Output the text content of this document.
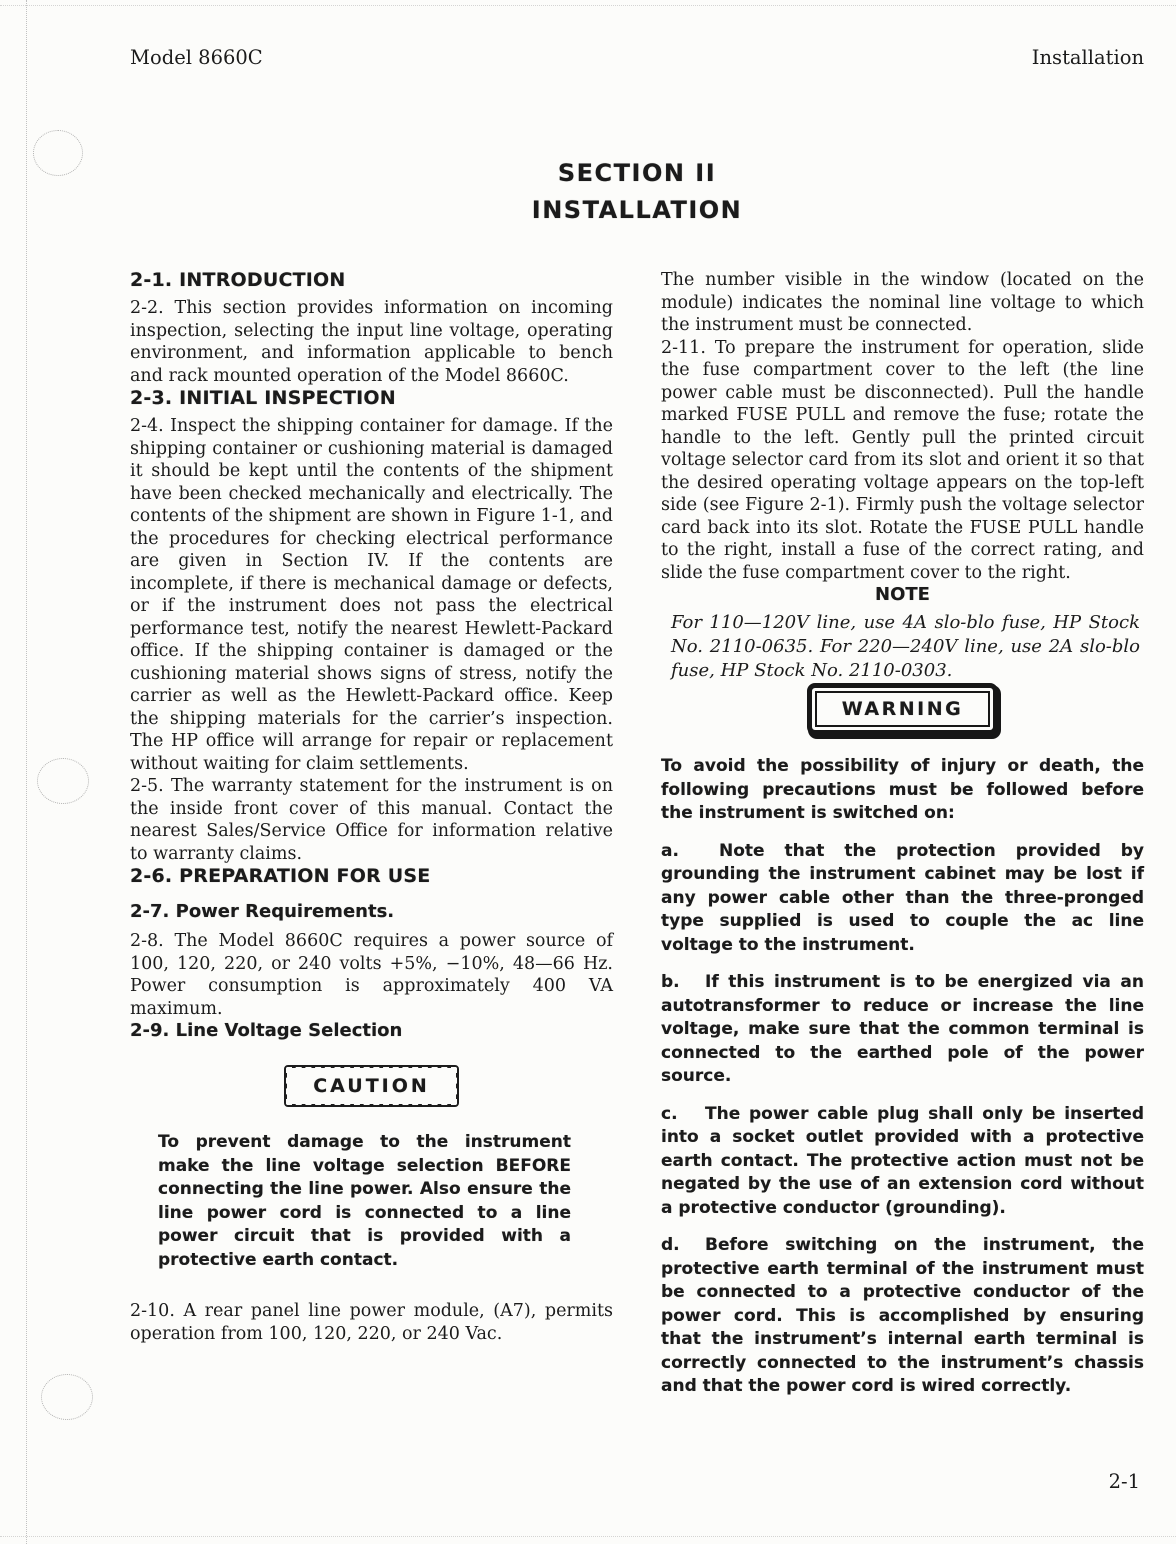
Model 8660C	Installation
SECTION II
INSTALLATION
2-1. INTRODUCTION

2-2. This section provides information on incoming inspection, selecting the input line voltage, operating environment, and information applicable to bench and rack mounted operation of the Model 8660C.

2-3. INITIAL INSPECTION

2-4. Inspect the shipping container for damage. If the shipping container or cushioning material is damaged it should be kept until the contents of the shipment have been checked mechanically and electrically. The contents of the shipment are shown in Figure 1-1, and the procedures for checking electrical performance are given in Section IV. If the contents are incomplete, if there is mechanical damage or defects, or if the instrument does not pass the electrical performance test, notify the nearest Hewlett-Packard office. If the shipping container is damaged or the cushioning material shows signs of stress, notify the carrier as well as the Hewlett-Packard office. Keep the shipping materials for the carrier’s inspection. The HP office will arrange for repair or replacement without waiting for claim settlements.

2-5. The warranty statement for the instrument is on the inside front cover of this manual. Contact the nearest Sales/Service Office for information relative to warranty claims.

2-6. PREPARATION FOR USE
2-7. Power Requirements.

2-8. The Model 8660C requires a power source of 100, 120, 220, or 240 volts +5%, −10%, 48—66 Hz. Power consumption is approximately 400 VA maximum.

2-9. Line Voltage Selection
CAUTION

To prevent damage to the instrument make the line voltage selection BEFORE connecting the line power. Also ensure the line power cord is connected to a line power circuit that is provided with a protective earth contact.

2-10. A rear panel line power module, (A7), permits operation from 100, 120, 220, or 240 Vac.

The number visible in the window (located on the module) indicates the nominal line voltage to which the instrument must be connected.

2-11. To prepare the instrument for operation, slide the fuse compartment cover to the left (the line power cable must be disconnected). Pull the handle marked FUSE PULL and remove the fuse; rotate the handle to the left. Gently pull the printed circuit voltage selector card from its slot and orient it so that the desired operating voltage appears on the top-left side (see Figure 2-1). Firmly push the voltage selector card back into its slot. Rotate the FUSE PULL handle to the right, install a fuse of the correct rating, and slide the fuse compartment cover to the right.

NOTE

For 110—120V line, use 4A slo-blo fuse, HP Stock No. 2110-0635. For 220—240V line, use 2A slo-blo fuse, HP Stock No. 2110-0303.

WARNING

To avoid the possibility of injury or death, the following precautions must be followed before the instrument is switched on:

a. Note that the protection provided by grounding the instrument cabinet may be lost if any power cable other than the three-pronged type supplied is used to couple the ac line voltage to the instrument.
b. If this instrument is to be energized via an autotransformer to reduce or increase the line voltage, make sure that the common terminal is connected to the earthed pole of the power source.
c. The power cable plug shall only be inserted into a socket outlet provided with a protective earth contact. The protective action must not be negated by the use of an extension cord without a protective conductor (grounding).
d. Before switching on the instrument, the protective earth terminal of the instrument must be connected to a protective conductor of the power cord. This is accomplished by ensuring that the instrument’s internal earth terminal is correctly connected to the instrument’s chassis and that the power cord is wired correctly.
2-1
